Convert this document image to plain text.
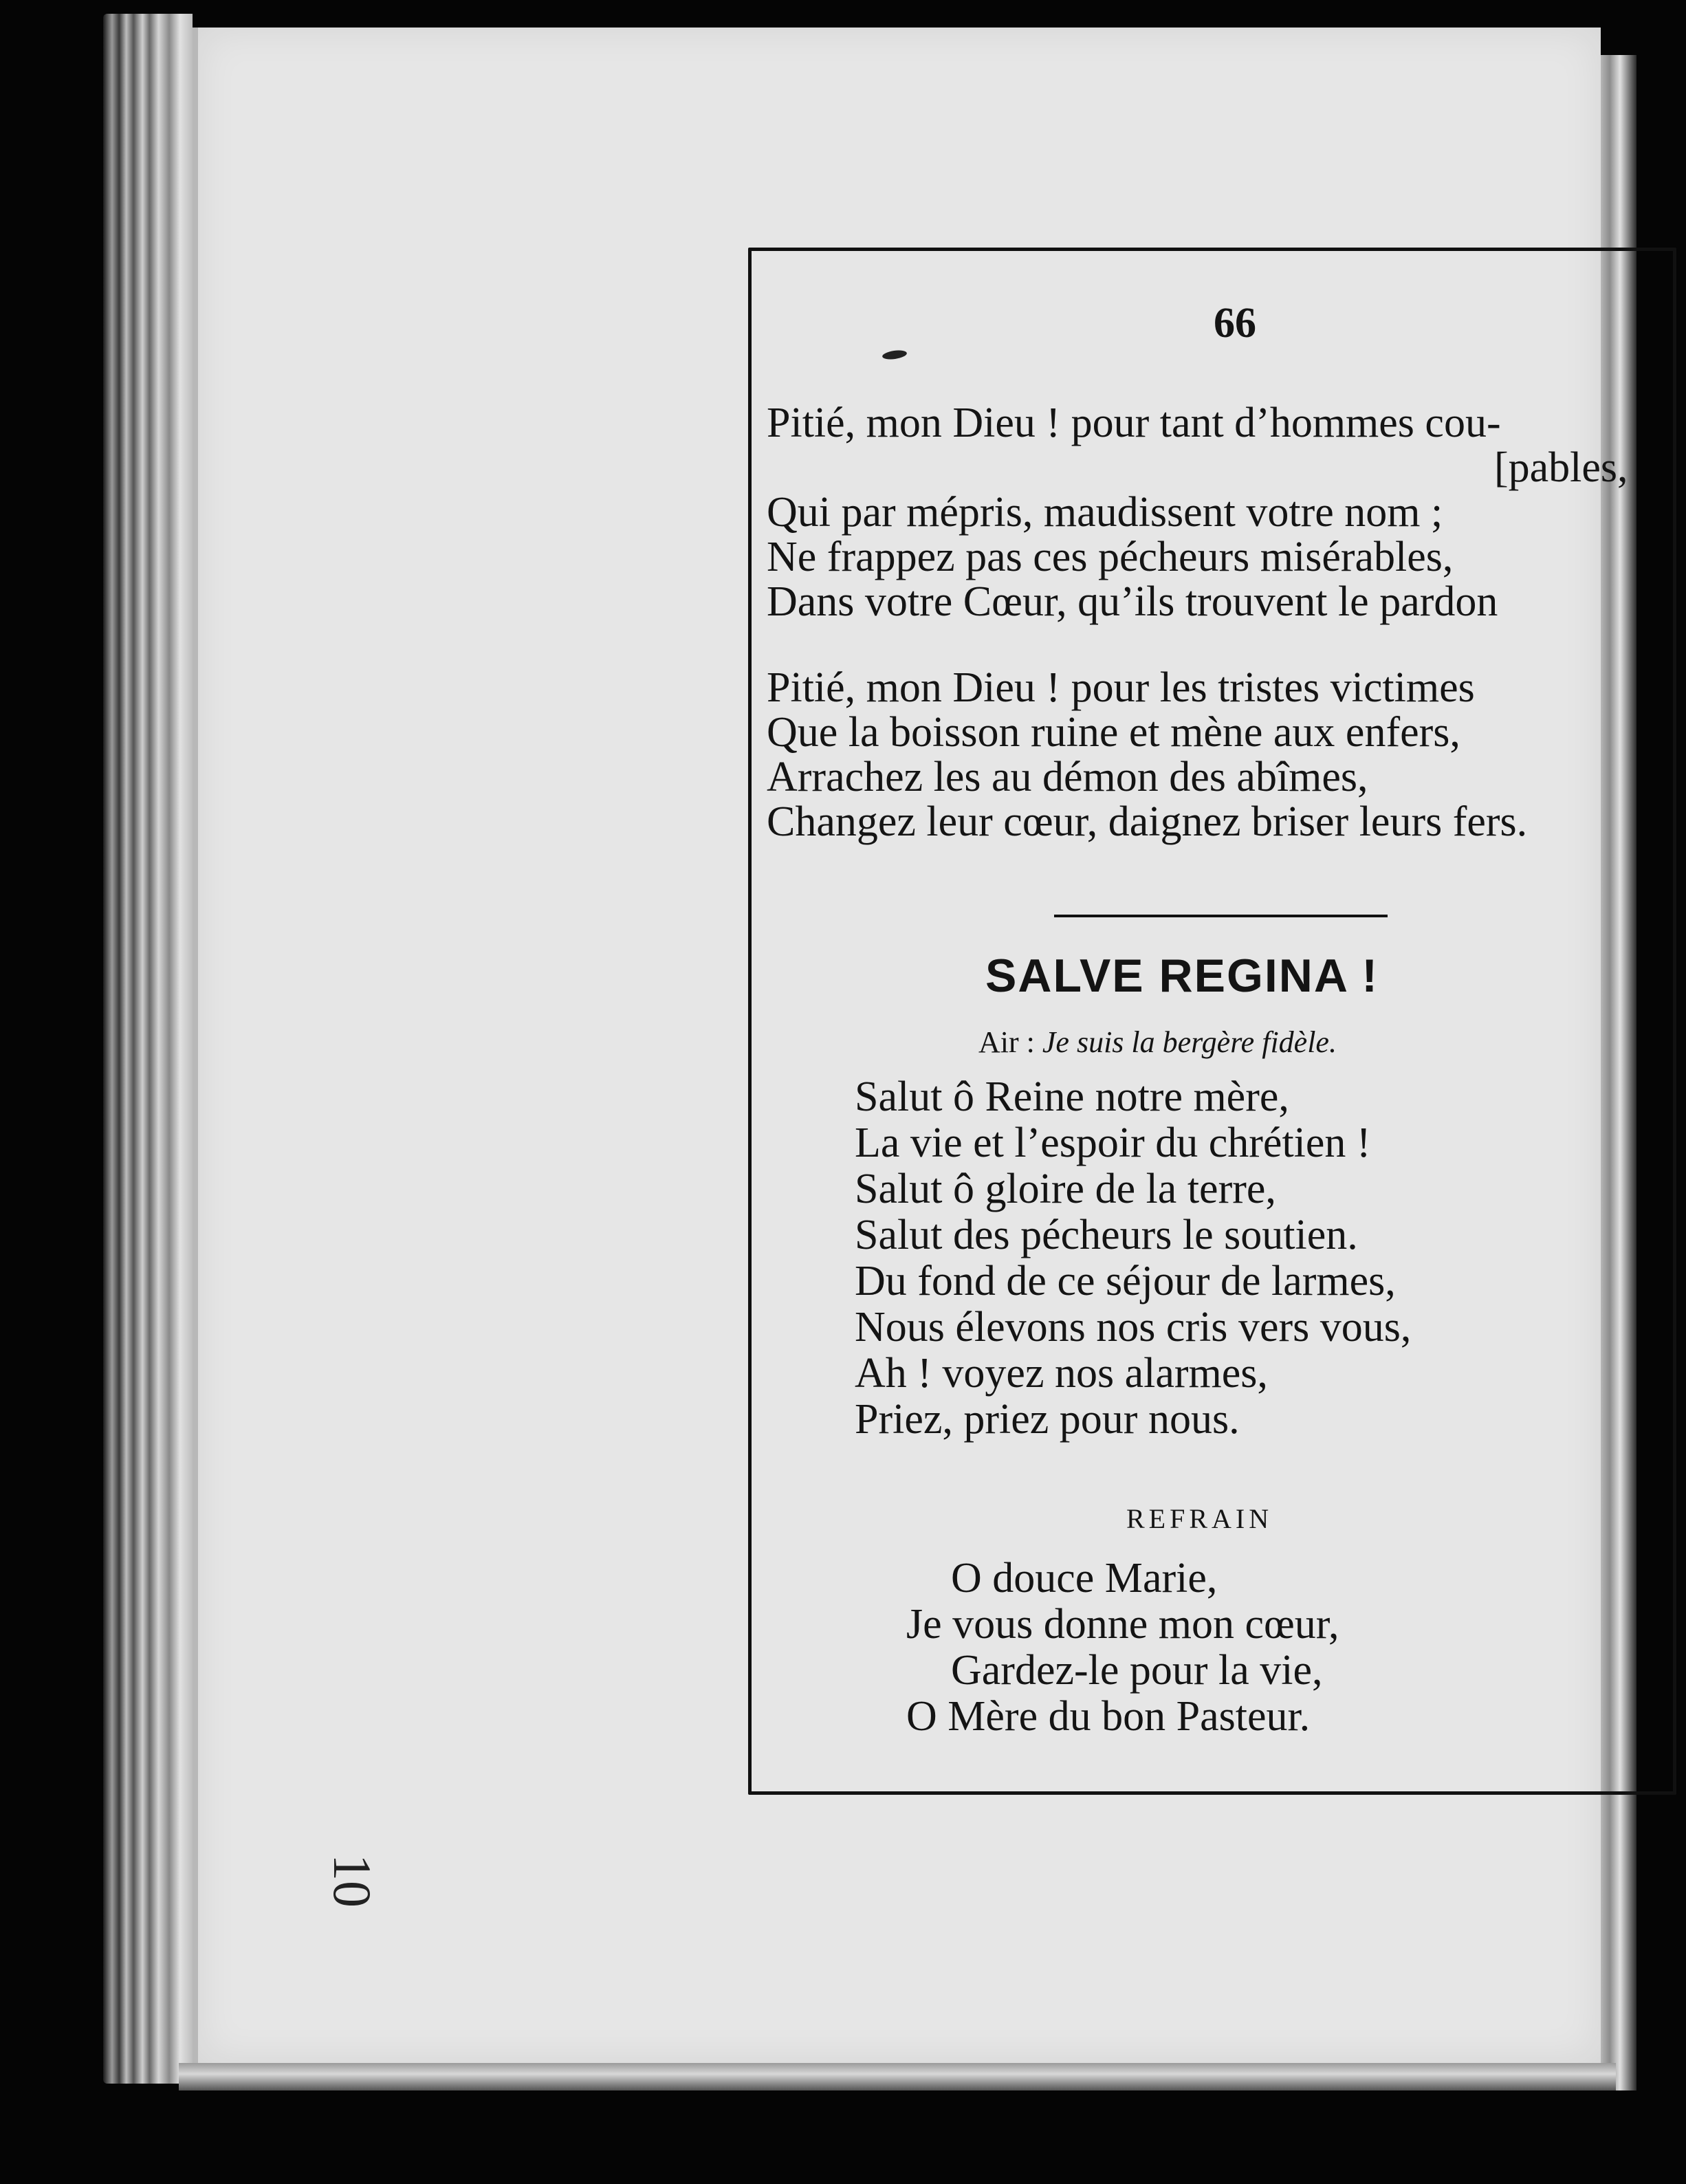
10
66
Pitié, mon Dieu ! pour tant d’hommes cou-
[pables,
Qui par mépris, maudissent votre nom ;
Ne frappez pas ces pécheurs misérables,
Dans votre Cœur, qu’ils trouvent le pardon
Pitié, mon Dieu ! pour les tristes victimes
Que la boisson ruine et mène aux enfers,
Arrachez les au démon des abîmes,
Changez leur cœur, daignez briser leurs fers.
SALVE REGINA !
Air : Je suis la bergère fidèle.
Salut ô Reine notre mère,
La vie et l’espoir du chrétien !
Salut ô gloire de la terre,
Salut des pécheurs le soutien.
Du fond de ce séjour de larmes,
Nous élevons nos cris vers vous,
Ah ! voyez nos alarmes,
Priez, priez pour nous.
REFRAIN
O douce Marie,
Je vous donne mon cœur,
Gardez-le pour la vie,
O Mère du bon Pasteur.
